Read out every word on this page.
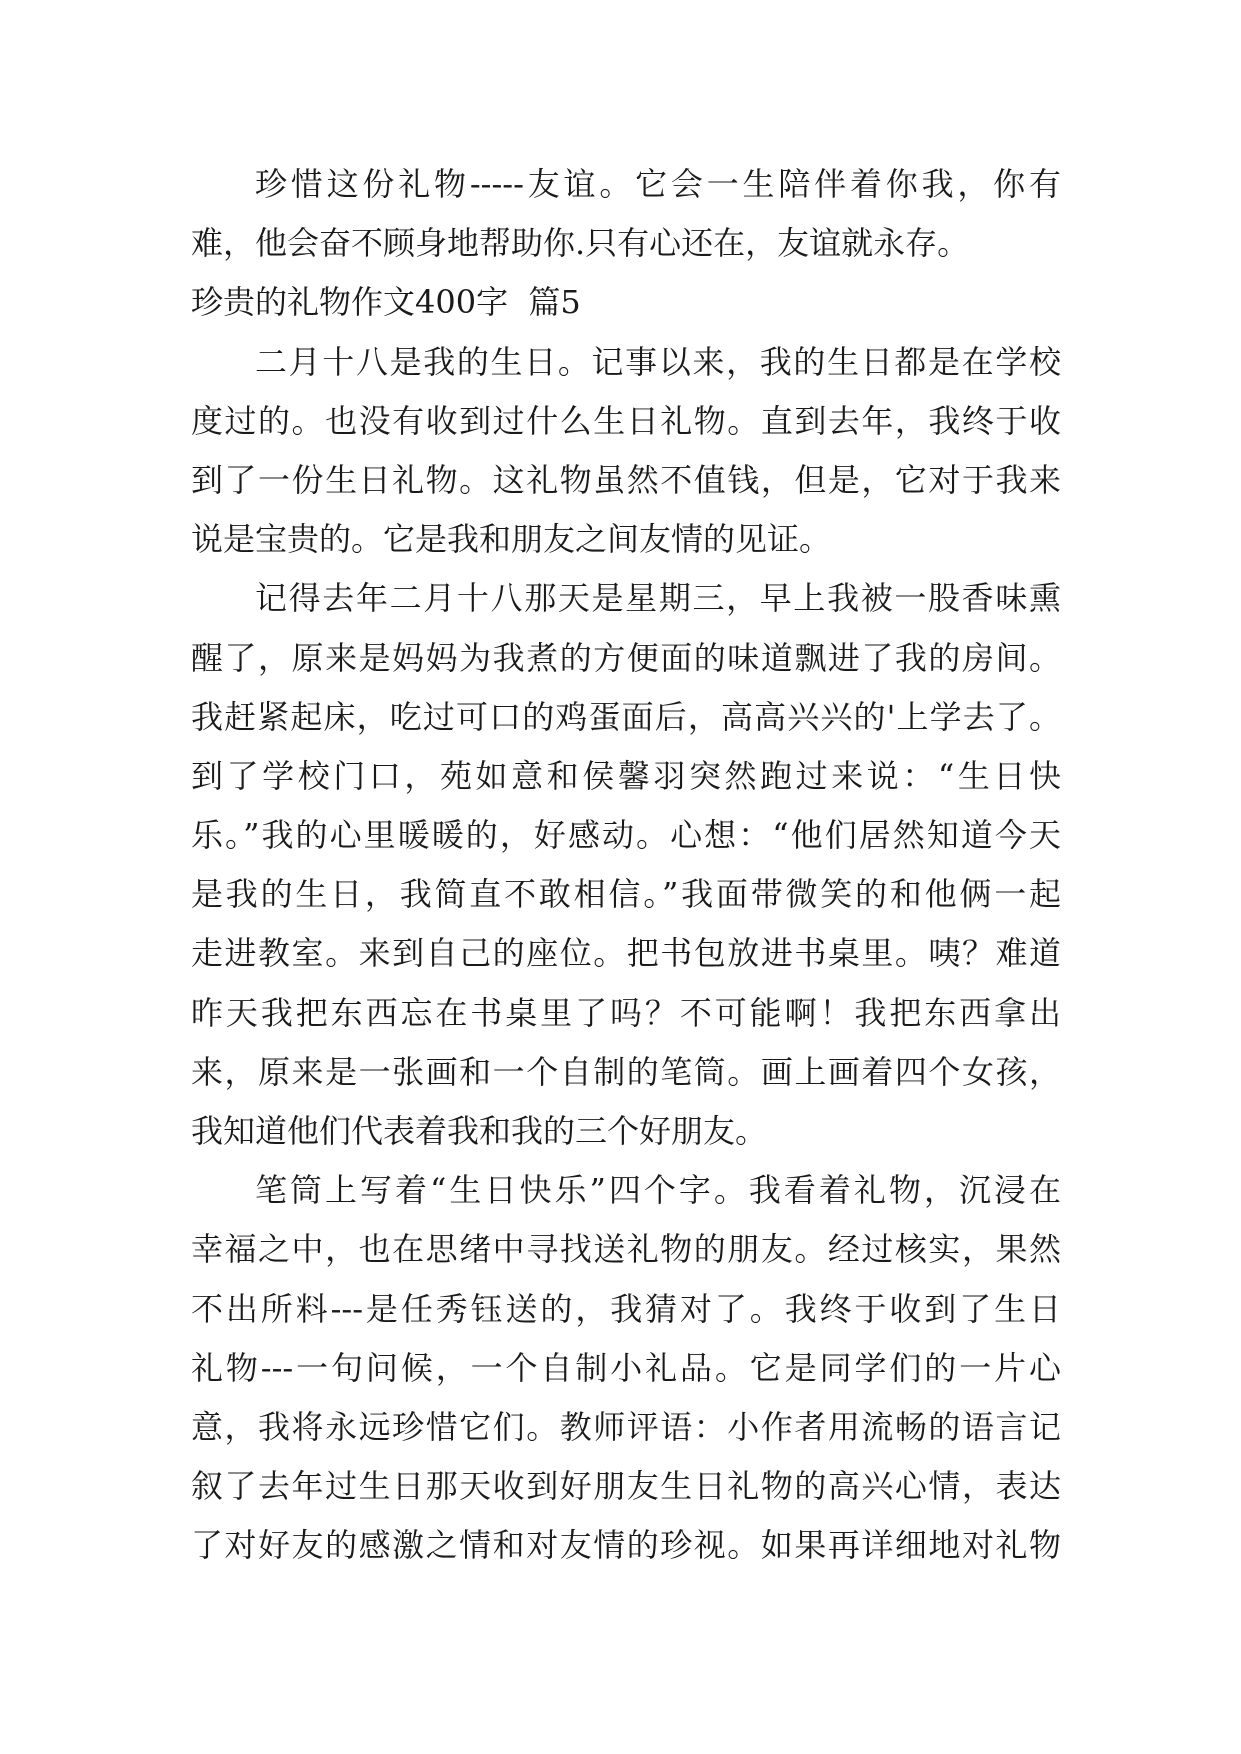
珍惜这份礼物-----友谊。它会一生陪伴着你我，你有
难，他会奋不顾身地帮助你.只有心还在，友谊就永存。
珍贵的礼物作文400字  篇5
二月十八是我的生日。记事以来，我的生日都是在学校
度过的。也没有收到过什么生日礼物。直到去年，我终于收
到了一份生日礼物。这礼物虽然不值钱，但是，它对于我来
说是宝贵的。它是我和朋友之间友情的见证。
记得去年二月十八那天是星期三，早上我被一股香味熏
醒了，原来是妈妈为我煮的方便面的味道飘进了我的房间。
我赶紧起床，吃过可口的鸡蛋面后，高高兴兴的'上学去了。
到了学校门口，苑如意和侯馨羽突然跑过来说：“生日快
乐。”我的心里暖暖的，好感动。心想：“他们居然知道今天
是我的生日，我简直不敢相信。”我面带微笑的和他俩一起
走进教室。来到自己的座位。把书包放进书桌里。咦？难道
昨天我把东西忘在书桌里了吗？不可能啊！我把东西拿出
来，原来是一张画和一个自制的笔筒。画上画着四个女孩，
我知道他们代表着我和我的三个好朋友。
笔筒上写着“生日快乐”四个字。我看着礼物，沉浸在
幸福之中，也在思绪中寻找送礼物的朋友。经过核实，果然
不出所料---是任秀钰送的，我猜对了。我终于收到了生日
礼物---一句问候，一个自制小礼品。它是同学们的一片心
意，我将永远珍惜它们。教师评语：小作者用流畅的语言记
叙了去年过生日那天收到好朋友生日礼物的高兴心情，表达
了对好友的感激之情和对友情的珍视。如果再详细地对礼物
